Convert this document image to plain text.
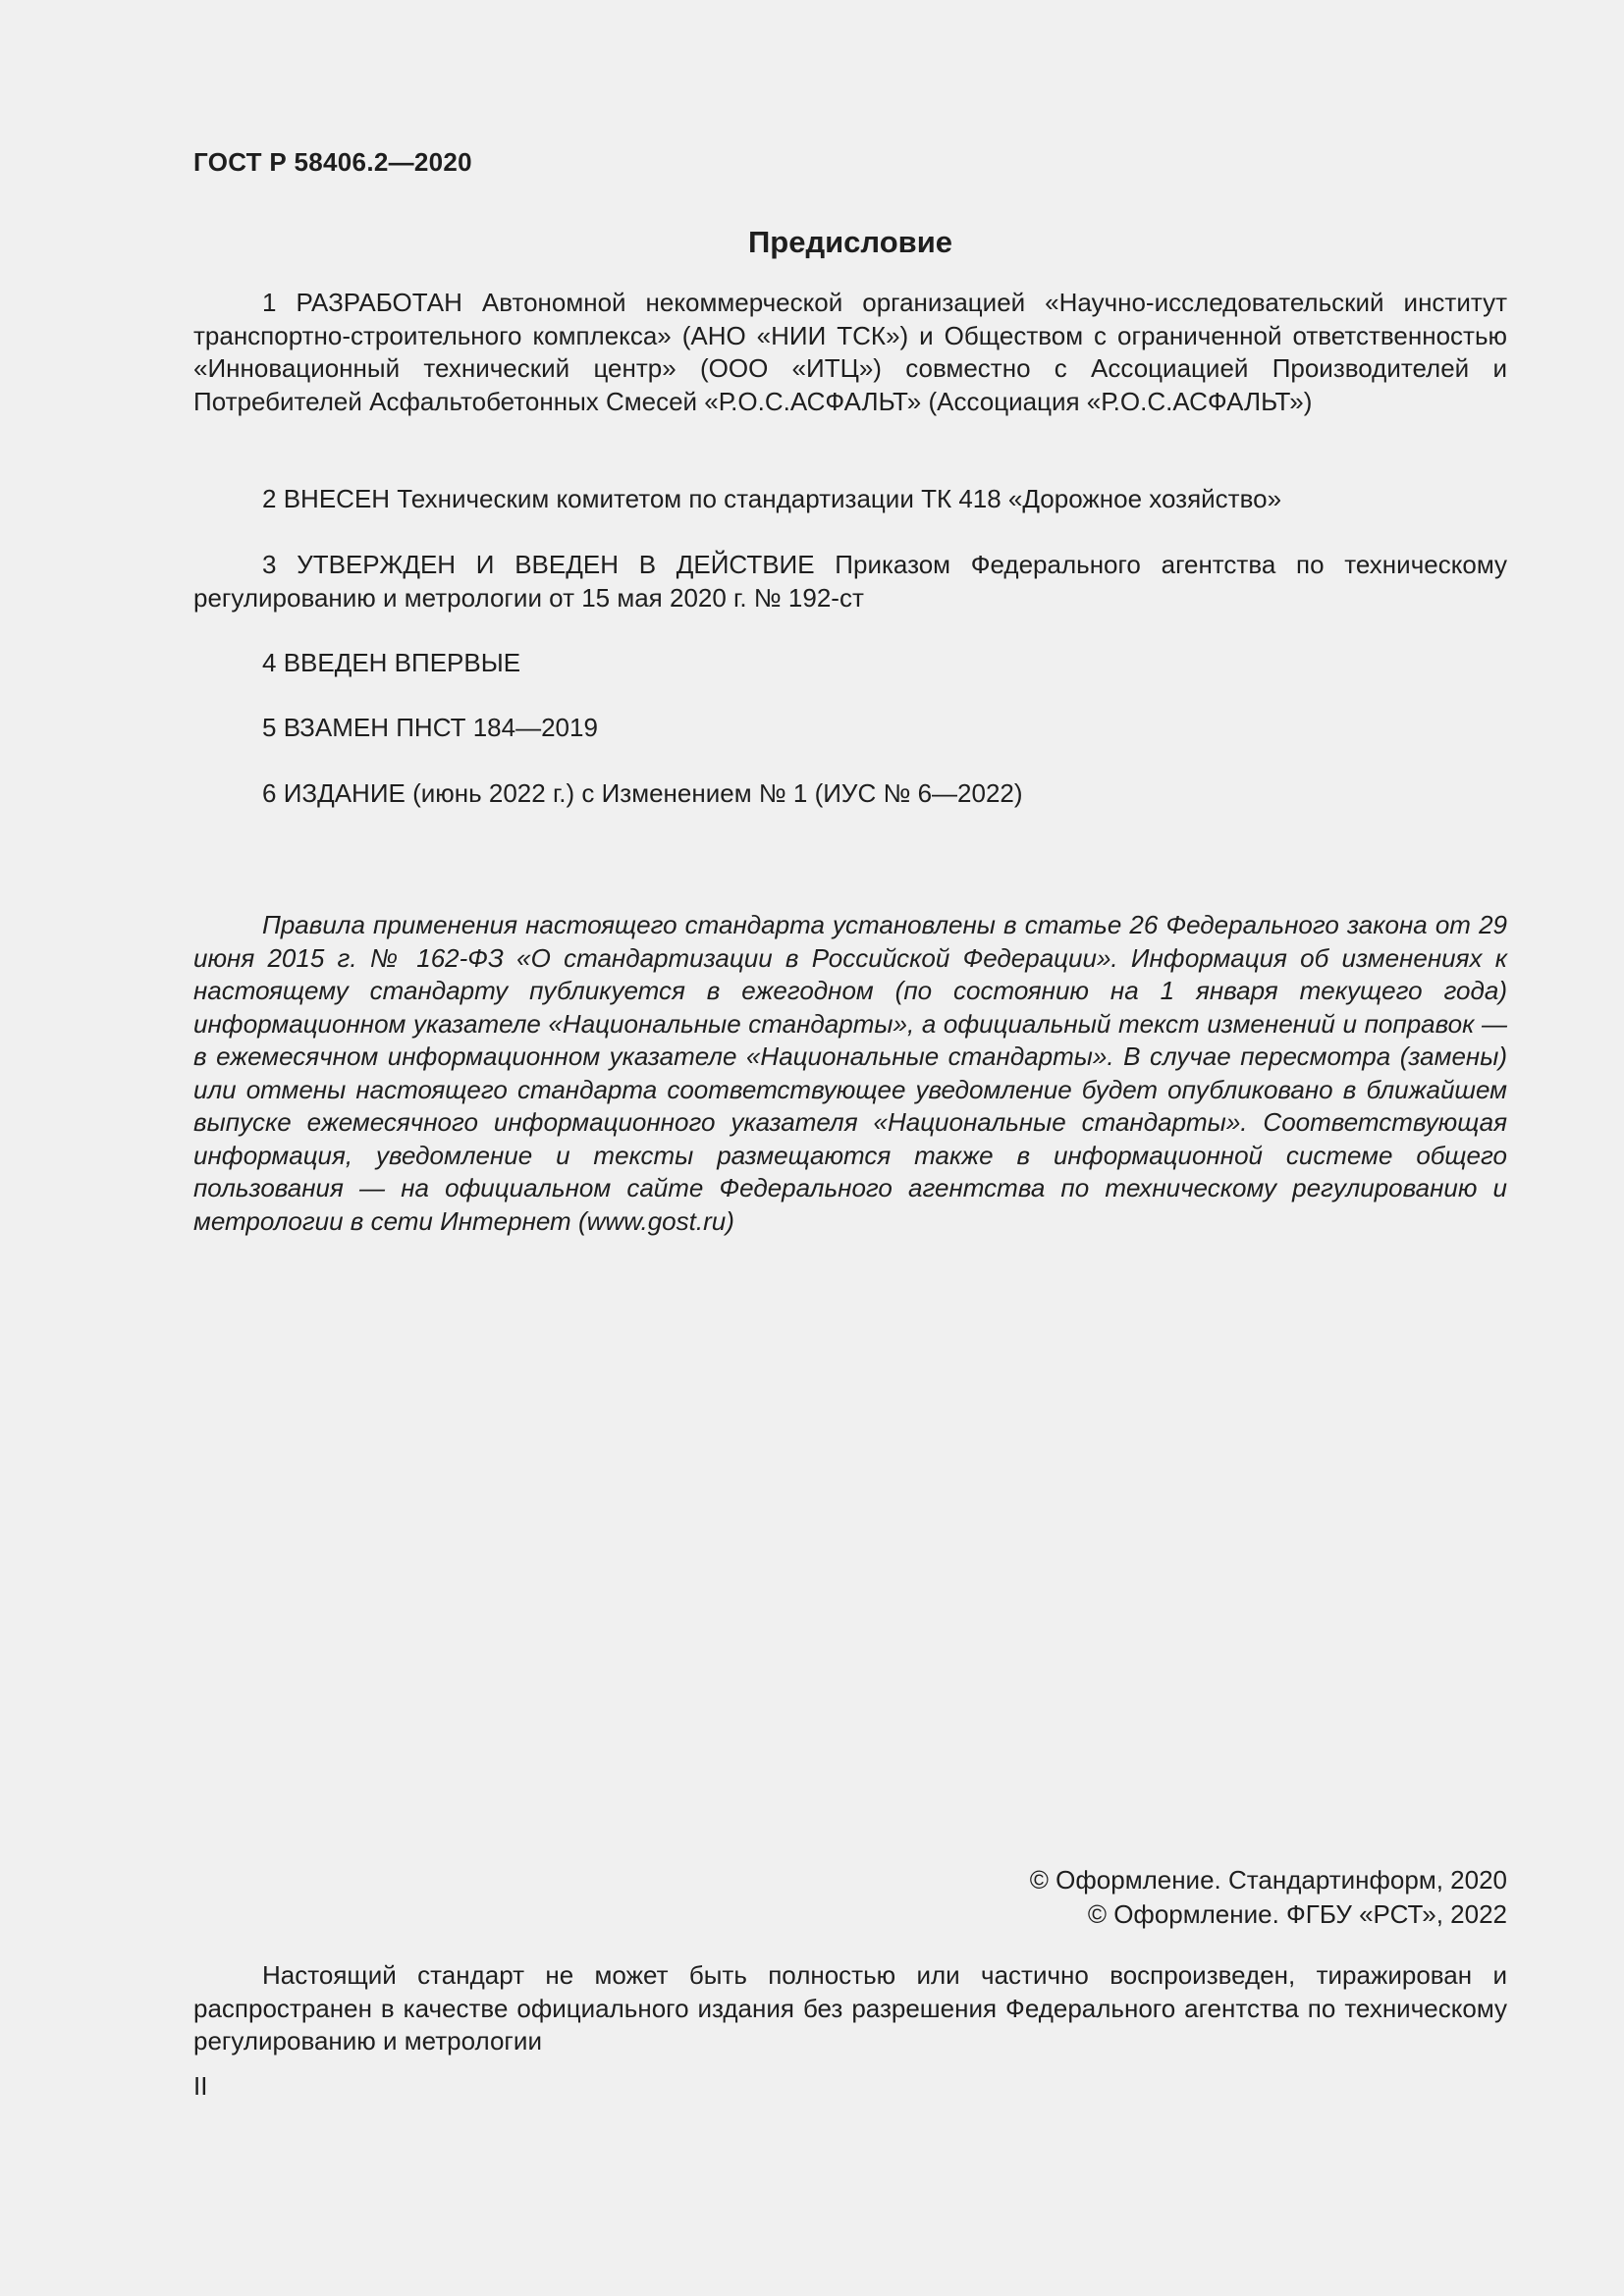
ГОСТ Р 58406.2—2020
Предисловие

1 РАЗРАБОТАН Автономной некоммерческой организацией «Научно-исследовательский институт транспортно-строительного комплекса» (АНО «НИИ ТСК») и Обществом с ограниченной ответственностью «Инновационный технический центр» (ООО «ИТЦ») совместно с Ассоциацией Производителей и Потребителей Асфальтобетонных Смесей «Р.О.С.АСФАЛЬТ» (Ассоциация «Р.О.С.АСФАЛЬТ»)

2 ВНЕСЕН Техническим комитетом по стандартизации ТК 418 «Дорожное хозяйство»

3 УТВЕРЖДЕН И ВВЕДЕН В ДЕЙСТВИЕ Приказом Федерального агентства по техническому регулированию и метрологии от 15 мая 2020 г. № 192-ст

4 ВВЕДЕН ВПЕРВЫЕ

5 ВЗАМЕН ПНСТ 184—2019

6 ИЗДАНИЕ (июнь 2022 г.) с Изменением № 1 (ИУС № 6—2022)

Правила применения настоящего стандарта установлены в статье 26 Федерального закона от 29 июня 2015 г. № 162-ФЗ «О стандартизации в Российской Федерации». Информация об изменениях к настоящему стандарту публикуется в ежегодном (по состоянию на 1 января текущего года) информационном указателе «Национальные стандарты», а официальный текст изменений и поправок — в ежемесячном информационном указателе «Национальные стандарты». В случае пересмотра (замены) или отмены настоящего стандарта соответствующее уведомление будет опубликовано в ближайшем выпуске ежемесячного информационного указателя «Национальные стандарты». Соответствующая информация, уведомление и тексты размещаются также в информационной системе общего пользования — на официальном сайте Федерального агентства по техническому регулированию и метрологии в сети Интернет (www.gost.ru)

© Оформление. Стандартинформ, 2020
© Оформление. ФГБУ «РСТ», 2022

Настоящий стандарт не может быть полностью или частично воспроизведен, тиражирован и распространен в качестве официального издания без разрешения Федерального агентства по техническому регулированию и метрологии

II
